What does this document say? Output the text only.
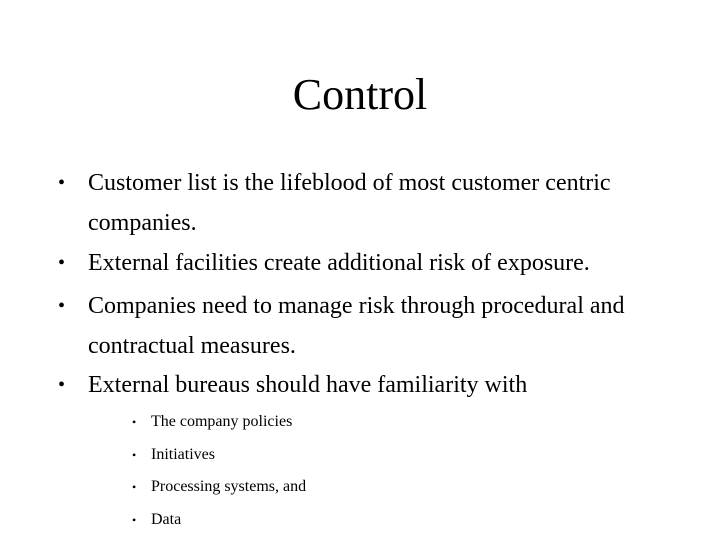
Control
• Customer list is the lifeblood of most customer centric companies.
• External facilities create additional risk of exposure.
• Companies need to manage risk through procedural and contractual measures.
• External bureaus should have familiarity with
• The company policies
• Initiatives
• Processing systems, and
• Data
